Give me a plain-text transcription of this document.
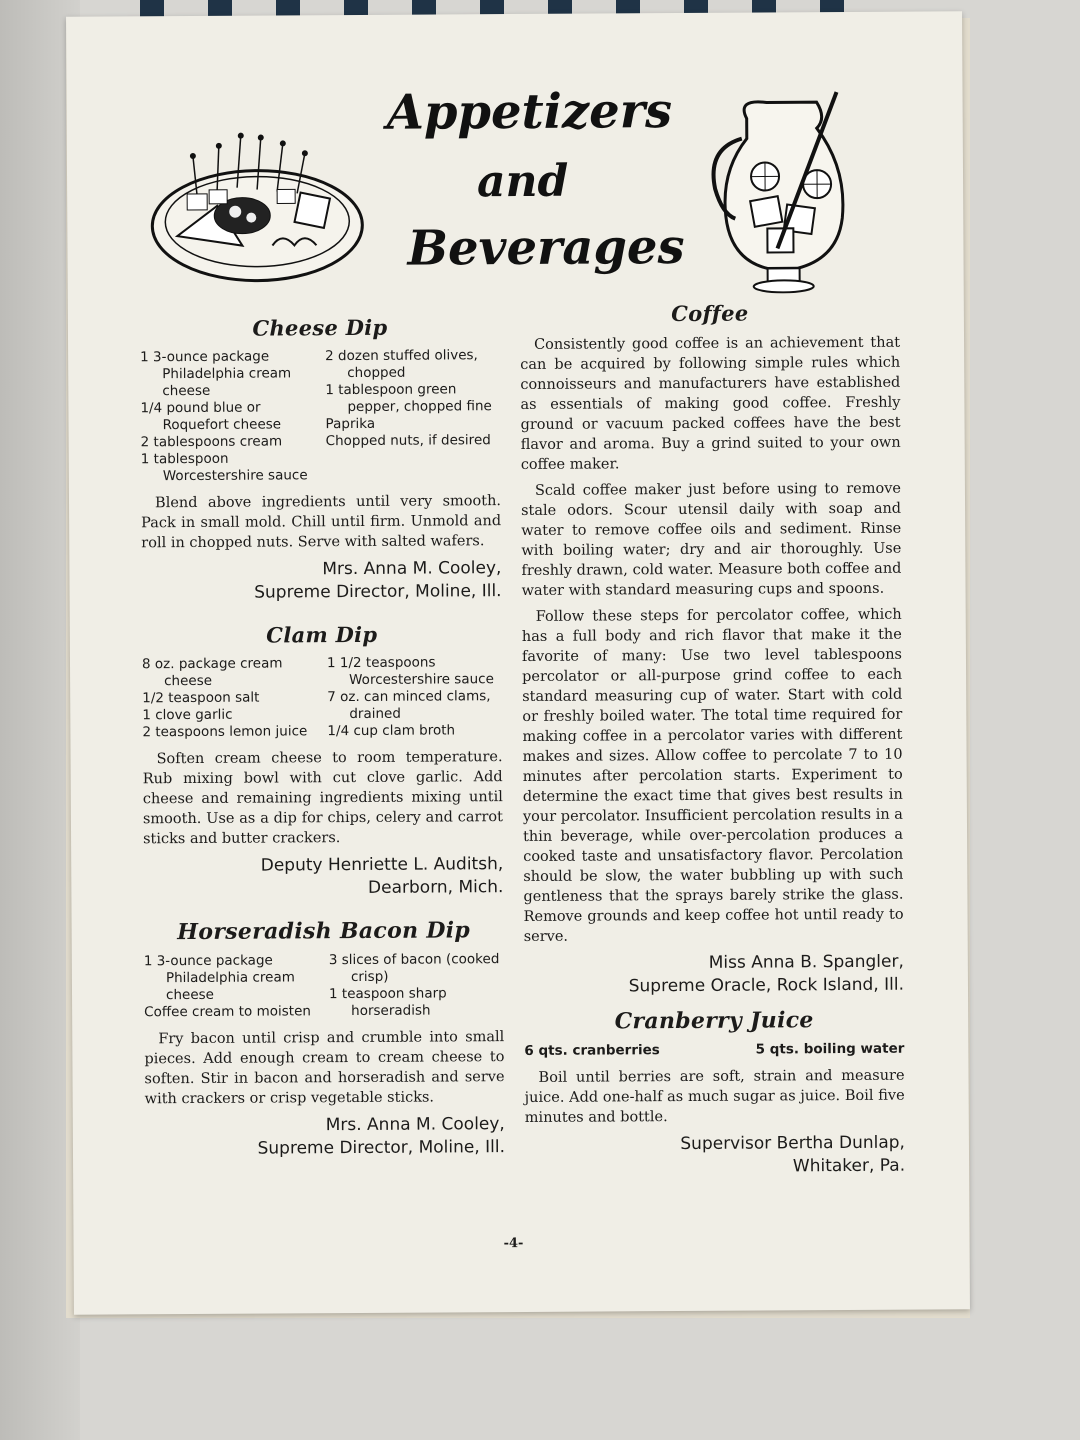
Appetizers
and
Beverages
Cheese Dip
1 3-ounce package Philadelphia cream cheese
1/4 pound blue or Roquefort cheese
2 tablespoons cream
1 tablespoon Worcestershire sauce
2 dozen stuffed olives, chopped
1 tablespoon green pepper, chopped fine
Paprika
Chopped nuts, if desired

Blend above ingredients until very smooth. Pack in small mold. Chill until firm. Unmold and roll in chopped nuts. Serve with salted wafers.

Mrs. Anna M. Cooley,
Supreme Director, Moline, Ill.
Clam Dip
8 oz. package cream cheese
1/2 teaspoon salt
1 clove garlic
2 teaspoons lemon juice
1 1/2 teaspoons Worcestershire sauce
7 oz. can minced clams, drained
1/4 cup clam broth

Soften cream cheese to room temperature. Rub mixing bowl with cut clove garlic. Add cheese and remaining ingredients mixing until smooth. Use as a dip for chips, celery and carrot sticks and butter crackers.

Deputy Henriette L. Auditsh,
Dearborn, Mich.
Horseradish Bacon Dip
1 3-ounce package Philadelphia cream cheese
Coffee cream to moisten
3 slices of bacon (cooked crisp)
1 teaspoon sharp horseradish

Fry bacon until crisp and crumble into small pieces. Add enough cream to cream cheese to soften. Stir in bacon and horseradish and serve with crackers or crisp vegetable sticks.

Mrs. Anna M. Cooley,
Supreme Director, Moline, Ill.
Coffee

Consistently good coffee is an achievement that can be acquired by following simple rules which connoisseurs and manufacturers have established as essentials of making good coffee. Freshly ground or vacuum packed coffees have the best flavor and aroma. Buy a grind suited to your own coffee maker.

Scald coffee maker just before using to remove stale odors. Scour utensil daily with soap and water to remove coffee oils and sediment. Rinse with boiling water; dry and air thoroughly. Use freshly drawn, cold water. Measure both coffee and water with standard measuring cups and spoons.

Follow these steps for percolator coffee, which has a full body and rich flavor that make it the favorite of many: Use two level tablespoons percolator or all-purpose grind coffee to each standard measuring cup of water. Start with cold or freshly boiled water. The total time required for making coffee in a percolator varies with different makes and sizes. Allow coffee to percolate 7 to 10 minutes after percolation starts. Experiment to determine the exact time that gives best results in your percolator. Insufficient percolation results in a thin beverage, while over-percolation produces a cooked taste and unsatisfactory flavor. Percolation should be slow, the water bubbling up with such gentleness that the sprays barely strike the glass. Remove grounds and keep coffee hot until ready to serve.

Miss Anna B. Spangler,
Supreme Oracle, Rock Island, Ill.
Cranberry Juice
6 qts. cranberries	5 qts. boiling water

Boil until berries are soft, strain and measure juice. Add one-half as much sugar as juice. Boil five minutes and bottle.

Supervisor Bertha Dunlap,
Whitaker, Pa.
-4-
